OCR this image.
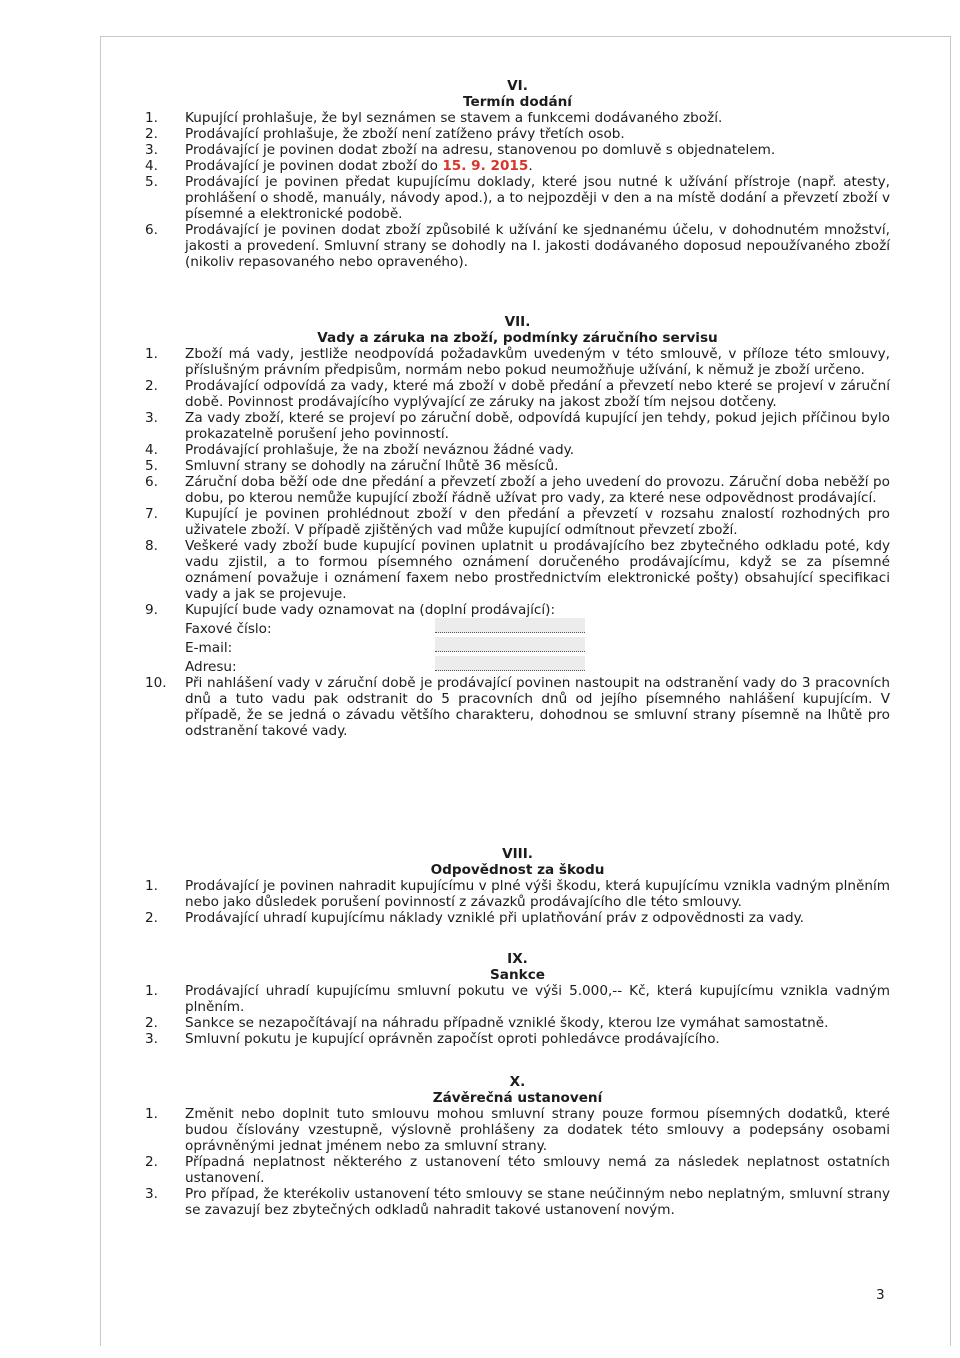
VI.
Termín dodání
1.	Kupující prohlašuje, že byl seznámen se stavem a funkcemi dodávaného zboží.
2.	Prodávající prohlašuje, že zboží není zatíženo právy třetích osob.
3.	Prodávající je povinen dodat zboží na adresu, stanovenou po domluvě s objednatelem.
4.	Prodávající je povinen dodat zboží do 15. 9. 2015.
5.	Prodávající je povinen předat kupujícímu doklady, které jsou nutné k užívání přístroje (např. atesty, prohlášení o shodě, manuály, návody apod.), a to nejpozději v den a na místě dodání a převzetí zboží v písemné a elektronické podobě.
6.	Prodávající je povinen dodat zboží způsobilé k užívání ke sjednanému účelu, v dohodnutém množství, jakosti a provedení. Smluvní strany se dohodly na I. jakosti dodávaného doposud nepoužívaného zboží (nikoliv repasovaného nebo opraveného).
VII.
Vady a záruka na zboží, podmínky záručního servisu
1.	Zboží má vady, jestliže neodpovídá požadavkům uvedeným v této smlouvě, v příloze této smlouvy, příslušným právním předpisům, normám nebo pokud neumožňuje užívání, k němuž je zboží určeno.
2.	Prodávající odpovídá za vady, které má zboží v době předání a převzetí nebo které se projeví v záruční době. Povinnost prodávajícího vyplývající ze záruky na jakost zboží tím nejsou dotčeny.
3.	Za vady zboží, které se projeví po záruční době, odpovídá kupující jen tehdy, pokud jejich příčinou bylo prokazatelně porušení jeho povinností.
4.	Prodávající prohlašuje, že na zboží neváznou žádné vady.
5.	Smluvní strany se dohodly na záruční lhůtě 36 měsíců.
6.	Záruční doba běží ode dne předání a převzetí zboží a jeho uvedení do provozu. Záruční doba neběží po dobu, po kterou nemůže kupující zboží řádně užívat pro vady, za které nese odpovědnost prodávající.
7.	Kupující je povinen prohlédnout zboží v den předání a převzetí v rozsahu znalostí rozhodných pro uživatele zboží. V případě zjištěných vad může kupující odmítnout převzetí zboží.
8.	Veškeré vady zboží bude kupující povinen uplatnit u prodávajícího bez zbytečného odkladu poté, kdy vadu zjistil, a to formou písemného oznámení doručeného prodávajícímu, když se za písemné oznámení považuje i oznámení faxem nebo prostřednictvím elektronické pošty) obsahující specifikaci vady a jak se projevuje.
9.	Kupující bude vady oznamovat na (doplní prodávající):
Faxové číslo:
E-mail:
Adresu:
10.	Při nahlášení vady v záruční době je prodávající povinen nastoupit na odstranění vady do 3 pracovních dnů a tuto vadu pak odstranit do 5 pracovních dnů od jejího písemného nahlášení kupujícím. V případě, že se jedná o závadu většího charakteru, dohodnou se smluvní strany písemně na lhůtě pro odstranění takové vady.
VIII.
Odpovědnost za škodu
1.	Prodávající je povinen nahradit kupujícímu v plné výši škodu, která kupujícímu vznikla vadným plněním nebo jako důsledek porušení povinností z závazků prodávajícího dle této smlouvy.
2.	Prodávající uhradí kupujícímu náklady vzniklé při uplatňování práv z odpovědnosti za vady.
IX.
Sankce
1.	Prodávající uhradí kupujícímu smluvní pokutu ve výši 5.000,-- Kč, která kupujícímu vznikla vadným plněním.
2.	Sankce se nezapočítávají na náhradu případně vzniklé škody, kterou lze vymáhat samostatně.
3.	Smluvní pokutu je kupující oprávněn započíst oproti pohledávce prodávajícího.
X.
Závěrečná ustanovení
1.	Změnit nebo doplnit tuto smlouvu mohou smluvní strany pouze formou písemných dodatků, které budou číslovány vzestupně, výslovně prohlášeny za dodatek této smlouvy a podepsány osobami oprávněnými jednat jménem nebo za smluvní strany.
2.	Případná neplatnost některého z ustanovení této smlouvy nemá za následek neplatnost ostatních ustanovení.
3.	Pro případ, že kterékoliv ustanovení této smlouvy se stane neúčinným nebo neplatným, smluvní strany se zavazují bez zbytečných odkladů nahradit takové ustanovení novým.
3
